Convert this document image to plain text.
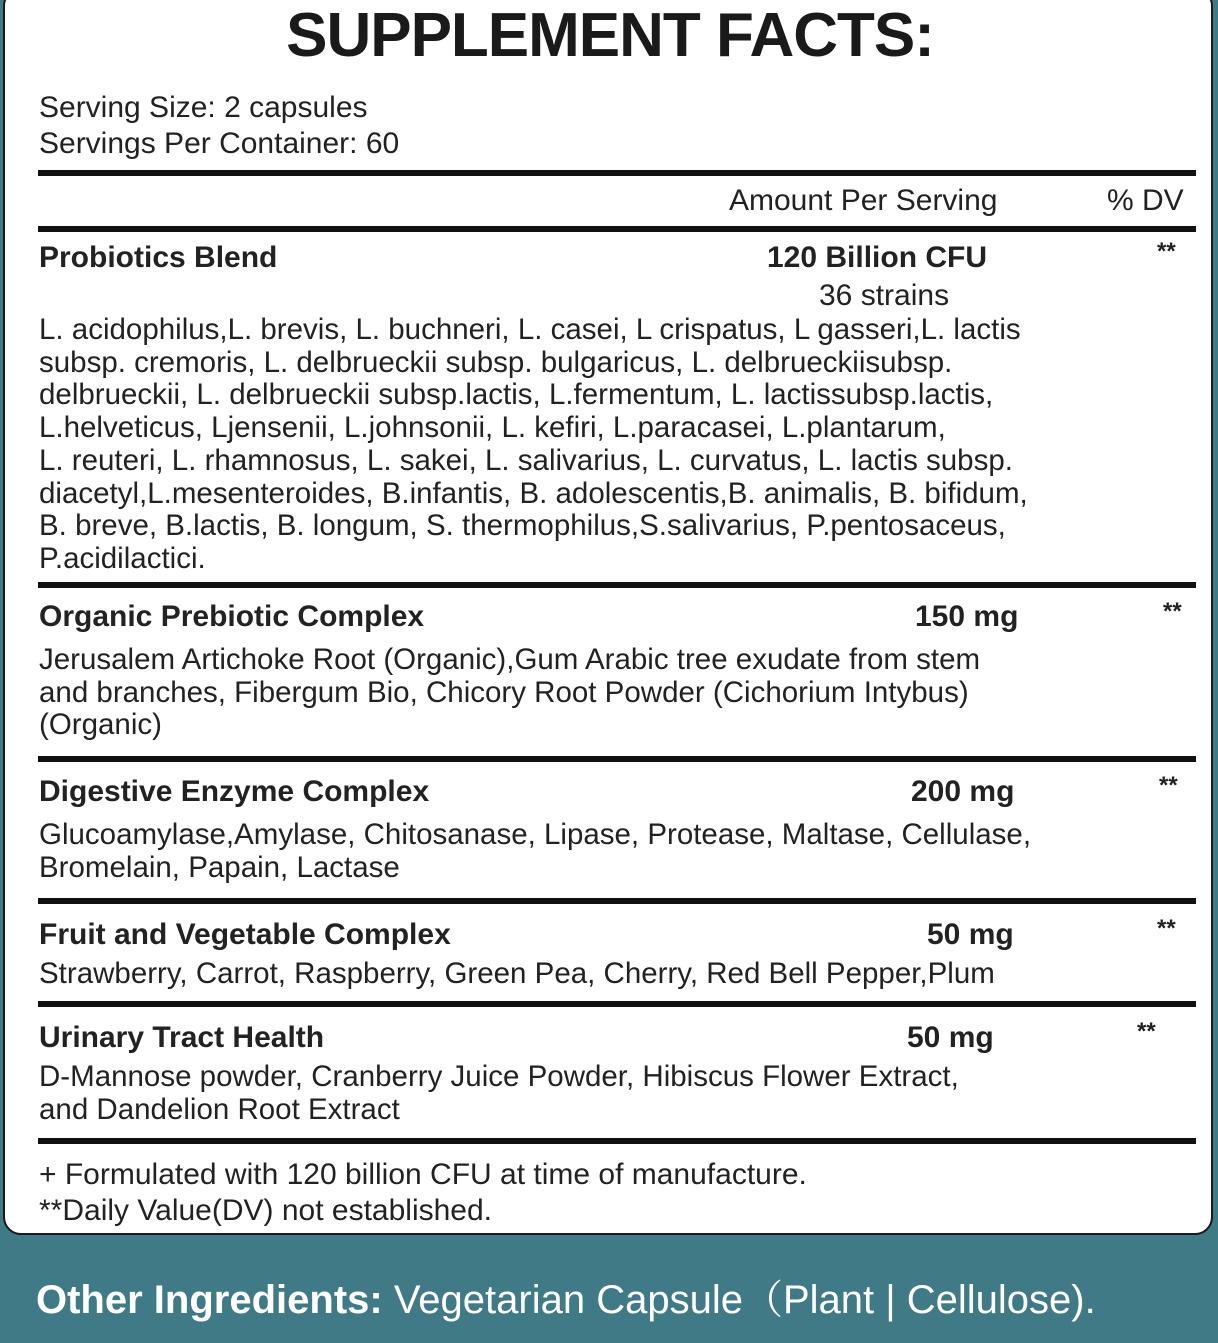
SUPPLEMENT FACTS:
Serving Size: 2 capsules
Servings Per Container: 60
Amount Per Serving	% DV
Probiotics Blend	120 Billion CFU	**
36 strains
L. acidophilus,L. brevis, L. buchneri, L. casei, L crispatus, L gasseri,L. lactis
subsp. cremoris, L. delbrueckii subsp. bulgaricus, L. delbrueckiisubsp.
delbrueckii, L. delbrueckii subsp.lactis, L.fermentum, L. lactissubsp.lactis,
L.helveticus, Ljensenii, L.johnsonii, L. kefiri, L.paracasei, L.plantarum,
L. reuteri, L. rhamnosus, L. sakei, L. salivarius, L. curvatus, L. lactis subsp.
diacetyl,L.mesenteroides, B.infantis, B. adolescentis,B. animalis, B. bifidum,
B. breve, B.lactis, B. longum, S. thermophilus,S.salivarius, P.pentosaceus,
P.acidilactici.
Organic Prebiotic Complex	150 mg	**
Jerusalem Artichoke Root (Organic),Gum Arabic tree exudate from stem
and branches, Fibergum Bio, Chicory Root Powder (Cichorium Intybus)
(Organic)
Digestive Enzyme Complex	200 mg	**
Glucoamylase,Amylase, Chitosanase, Lipase, Protease, Maltase, Cellulase,
Bromelain, Papain, Lactase
Fruit and Vegetable Complex	50 mg	**
Strawberry, Carrot, Raspberry, Green Pea, Cherry, Red Bell Pepper,Plum
Urinary Tract Health	50 mg	**
D-Mannose powder, Cranberry Juice Powder, Hibiscus Flower Extract,
and Dandelion Root Extract
+ Formulated with 120 billion CFU at time of manufacture.
**Daily Value(DV) not established.
Other Ingredients: Vegetarian Capsule（Plant | Cellulose).
